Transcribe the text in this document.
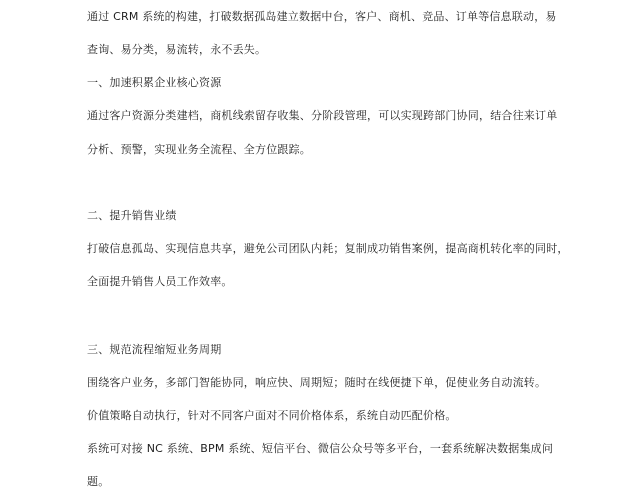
通过 CRM 系统的构建，打破数据孤岛建立数据中台，客户、商机、竞品、订单等信息联动，易
查询、易分类，易流转，永不丢失。
一、加速积累企业核心资源
通过客户资源分类建档，商机线索留存收集、分阶段管理，可以实现跨部门协同，结合往来订单
分析、预警，实现业务全流程、全方位跟踪。
二、提升销售业绩
打破信息孤岛、实现信息共享，避免公司团队内耗；复制成功销售案例，提高商机转化率的同时，
全面提升销售人员工作效率。
三、规范流程缩短业务周期
围绕客户业务，多部门智能协同，响应快、周期短；随时在线便捷下单，促使业务自动流转。
价值策略自动执行，针对不同客户面对不同价格体系，系统自动匹配价格。
系统可对接 NC 系统、BPM 系统、短信平台、微信公众号等多平台，一套系统解决数据集成问
题。
